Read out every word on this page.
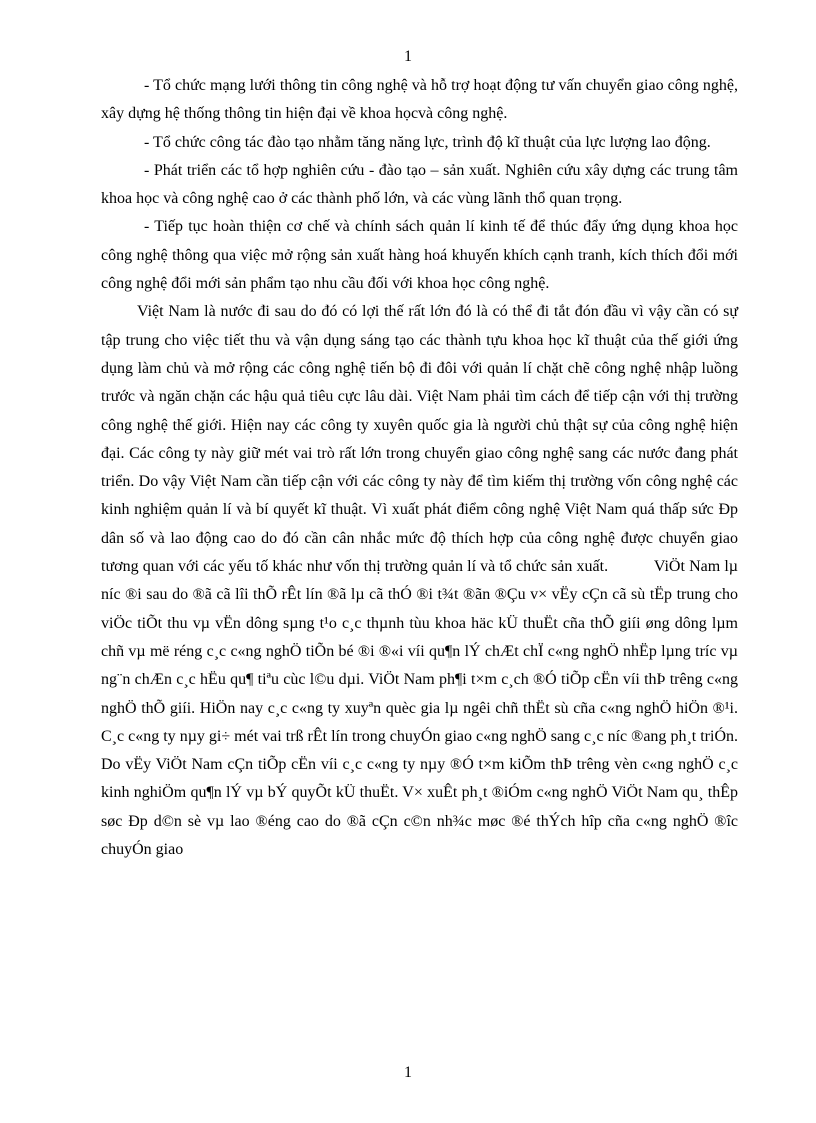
1

- Tổ chức mạng lưới thông tin công nghệ và hỗ trợ hoạt động tư vấn chuyển giao công nghệ, xây dựng hệ thống thông tin hiện đại về khoa họcvà công nghệ.

- Tổ chức công tác đào tạo nhằm tăng năng lực, trình độ kĩ thuật của lực lượng lao động.

- Phát triển các tổ hợp nghiên cứu - đào tạo – sản xuất. Nghiên cứu xây dựng các trung tâm khoa học và công nghệ cao ở các thành phố lớn, và các vùng lãnh thổ quan trọng.

- Tiếp tục hoàn thiện cơ chế và chính sách quản lí kinh tế để thúc đẩy ứng dụng khoa học công nghệ thông qua việc mở rộng sản xuất hàng hoá khuyến khích cạnh tranh, kích thích đổi mới công nghệ đổi mới sản phẩm tạo nhu cầu đối với khoa học công nghệ.

Việt Nam là nước đi sau do đó có lợi thế rất lớn đó là có thể đi tắt đón đầu vì vậy cần có sự tập trung cho việc tiết thu và vận dụng sáng tạo các thành tựu khoa học kĩ thuật của thế giới ứng dụng làm chủ và mở rộng các công nghệ tiến bộ đi đôi với quản lí chặt chẽ công nghệ nhập luồng trước và ngăn chặn các hậu quả tiêu cực lâu dài. Việt Nam phải tìm cách để tiếp cận với thị trường công nghệ thế giới. Hiện nay các công ty xuyên quốc gia là người chủ thật sự của công nghệ hiện đại. Các công ty này giữ mét vai trò rất lớn trong chuyển giao công nghệ sang các nước đang phát triển. Do vậy Việt Nam cần tiếp cận với các công ty này để tìm kiếm thị trường vốn công nghệ các kinh nghiệm quản lí và bí quyết kĩ thuật. Vì xuất phát điểm công nghệ Việt Nam quá thấp sức Ðp dân số và lao động cao do đó cần cân nhắc mức độ thích hợp của công nghệ được chuyển giao tương quan với các yếu tố khác như vốn thị trường quản lí và tổ chức sản xuất.	ViÖt Nam lµ níc ®i sau do ®ã cã lîi thÕ rÊt lín ®ã lµ cã thÓ ®i t¾t ®ãn ®Çu v× vËy cÇn cã sù tËp trung cho viÖc tiÕt thu vµ vËn dông sµng t¹o c¸c thµnh tùu khoa häc kÜ thuËt cña thÕ giíi øng dông lµm chñ vµ më réng c¸c c«ng nghÖ tiÕn bé ®i ®«i víi qu¶n lÝ chÆt chÏ c«ng nghÖ nhËp lµng tríc vµ ng¨n chÆn c¸c hËu qu¶ tiªu cùc l©u dµi. ViÖt Nam ph¶i t×m c¸ch ®Ó tiÕp cËn víi thÞ trêng c«ng nghÖ thÕ giíi. HiÖn nay c¸c c«ng ty xuyªn quèc gia lµ ngêi chñ thËt sù cña c«ng nghÖ hiÖn ®¹i. C¸c c«ng ty nµy gi÷ mét vai trß rÊt lín trong chuyÓn giao c«ng nghÖ sang c¸c níc ®ang ph¸t triÓn. Do vËy ViÖt Nam cÇn tiÕp cËn víi c¸c c«ng ty nµy ®Ó t×m kiÕm thÞ trêng vèn c«ng nghÖ c¸c kinh nghiÖm qu¶n lÝ vµ bÝ quyÕt kÜ thuËt. V× xuÊt ph¸t ®iÓm c«ng nghÖ ViÖt Nam qu¸ thÊp søc Ðp d©n sè vµ lao ®éng cao do ®ã cÇn c©n nh¾c møc ®é thÝch hîp cña c«ng nghÖ ®îc chuyÓn giao

1
